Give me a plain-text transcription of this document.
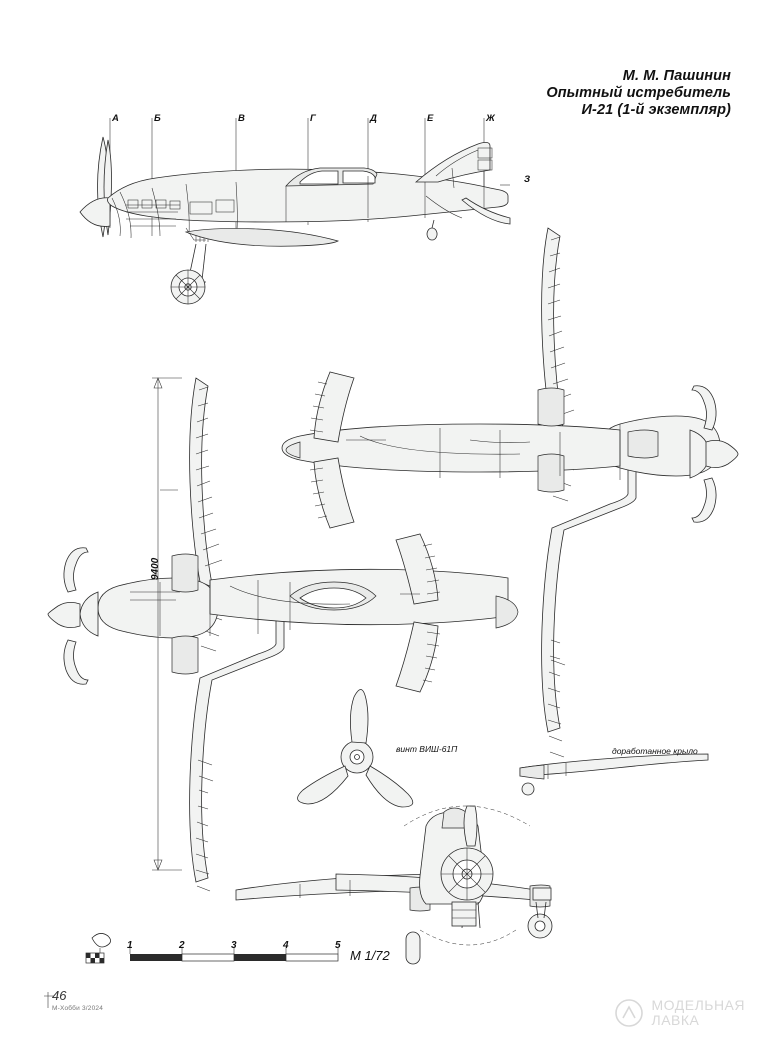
М. М. Пашинин
Опытный истребитель
И-21 (1-й экземпляр)
А	Б	В	Г	Д	Е	Ж
З
9400
винт ВИШ-61П	доработанное крыло
1	2	3	4	5
М 1/72
46
М-Хобби 3/2024	МОДЕЛЬНАЯ
ЛАВКА
